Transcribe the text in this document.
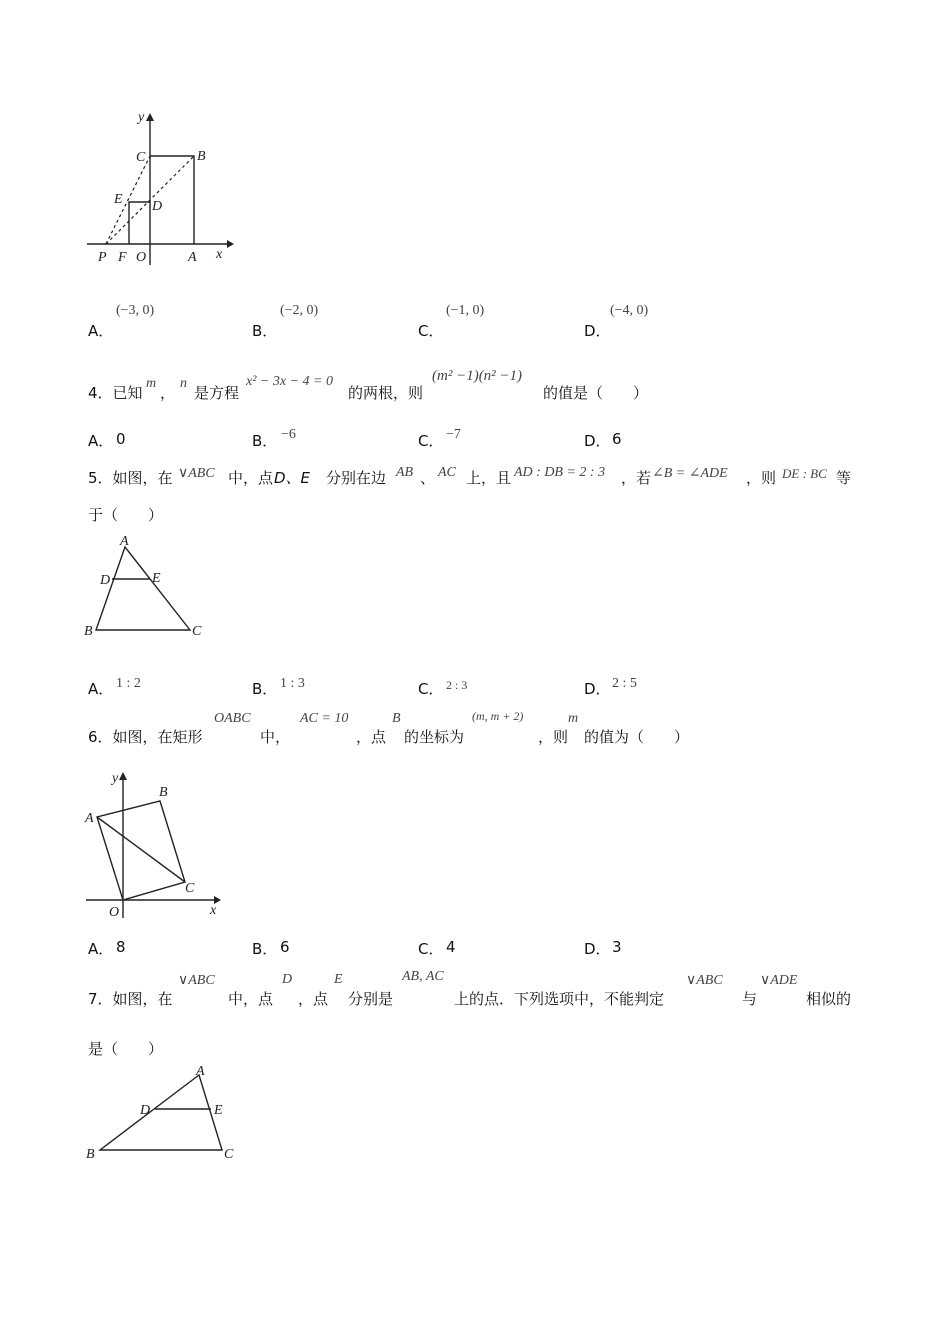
y
C	B
E D
P F O	A x
A．
(−3, 0)
B．
(−2, 0)
C．
(−1, 0)
D．
(−4, 0)
4．已知
m
，
n
是方程
x² − 3x − 4 = 0
的两根，则
(m² −1)(n² −1)
的值是（　　）
A． 0	B． −6	C． −7	D． 6
5．如图，在 ∨ABC 中，点 D、E 分别在边 AB 、 AC 上，且 AD : DB = 2 : 3 ，若 ∠B = ∠ADE ，则 DE : BC 等
于（　　）
A
D	E
B	C
A． 1 : 2	B． 1 : 3	C． 2 : 3	D． 2 : 5
6．如图，在矩形
OABC
中，
AC = 10
，点
B
的坐标为
(m, m + 2)
，则
m
的值为（　　）
y
B
A
C
O	x
A． 8	B． 6	C． 4	D． 3
7．如图，在
∨ABC
中，点
D
，点
E
分别是
AB, AC
上的点．下列选项中，不能判定
∨ABC
与
∨ADE
相似的
是（　　）
A
D	E
B	C
